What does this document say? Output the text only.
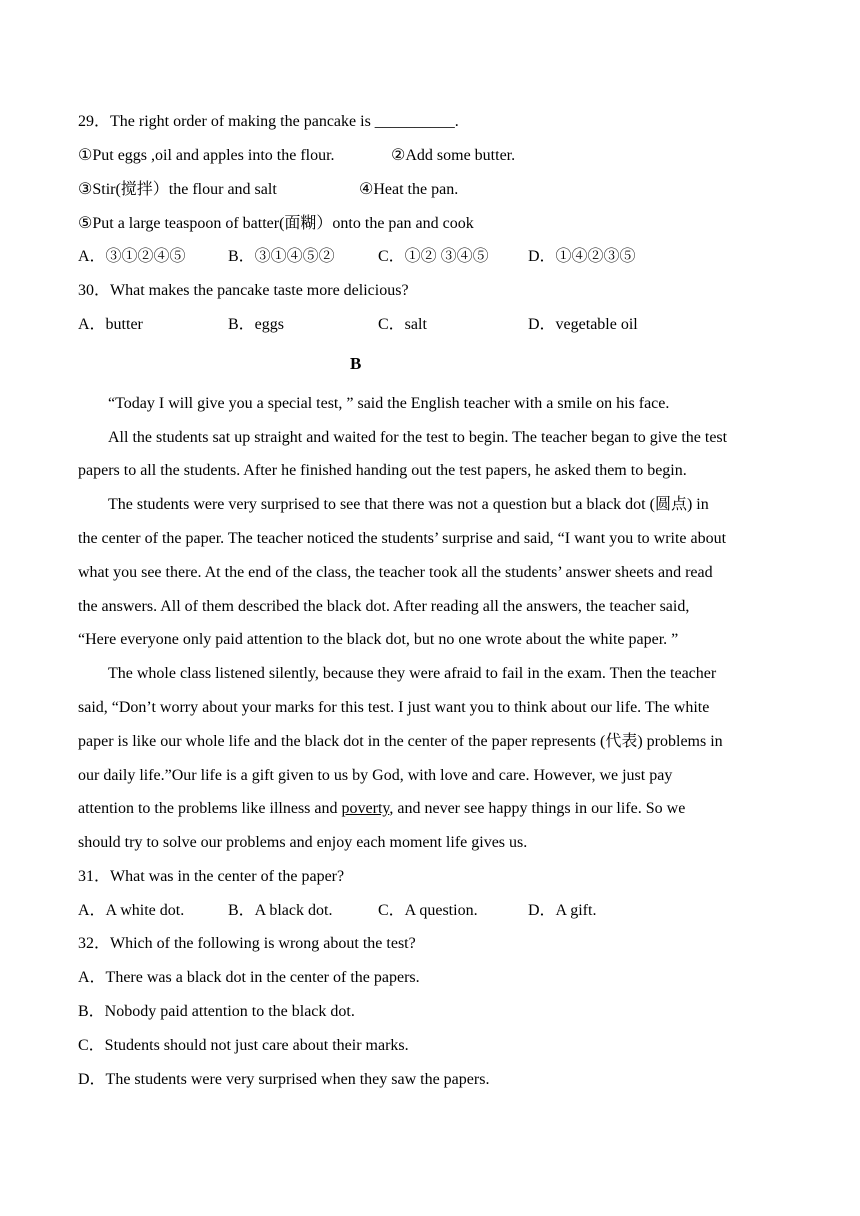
29．The right order of making the pancake is __________.
①Put eggs ,oil and apples into the flour.	②Add some butter.
③Stir(搅拌）the flour and salt	④Heat the pan.
⑤Put a large teaspoon of batter(面糊）onto the pan and cook
A．③①②④⑤	B．③①④⑤②	C．①② ③④⑤ D．①④②③⑤
30．What makes the pancake taste more delicious?
A．butter	B．eggs	C．salt	D．vegetable oil
B
“Today I will give you a special test, ” said the English teacher with a smile on his face.
All the students sat up straight and waited for the test to begin. The teacher began to give the test
papers to all the students. After he finished handing out the test papers, he asked them to begin.
The students were very surprised to see that there was not a question but a black dot (圆点) in
the center of the paper. The teacher noticed the students’ surprise and said, “I want you to write about
what you see there. At the end of the class, the teacher took all the students’ answer sheets and read
the answers. All of them described the black dot. After reading all the answers, the teacher said,
“Here everyone only paid attention to the black dot, but no one wrote about the white paper. ”
The whole class listened silently, because they were afraid to fail in the exam. Then the teacher
said, “Don’t worry about your marks for this test. I just want you to think about our life. The white
paper is like our whole life and the black dot in the center of the paper represents (代表) problems in
our daily life.”Our life is a gift given to us by God, with love and care. However, we just pay
attention to the problems like illness and poverty, and never see happy things in our life. So we
should try to solve our problems and enjoy each moment life gives us.
31．What was in the center of the paper?
A．A white dot.	B．A black dot.	C．A question.	D．A gift.
32．Which of the following is wrong about the test?
A．There was a black dot in the center of the papers.
B．Nobody paid attention to the black dot.
C．Students should not just care about their marks.
D．The students were very surprised when they saw the papers.
